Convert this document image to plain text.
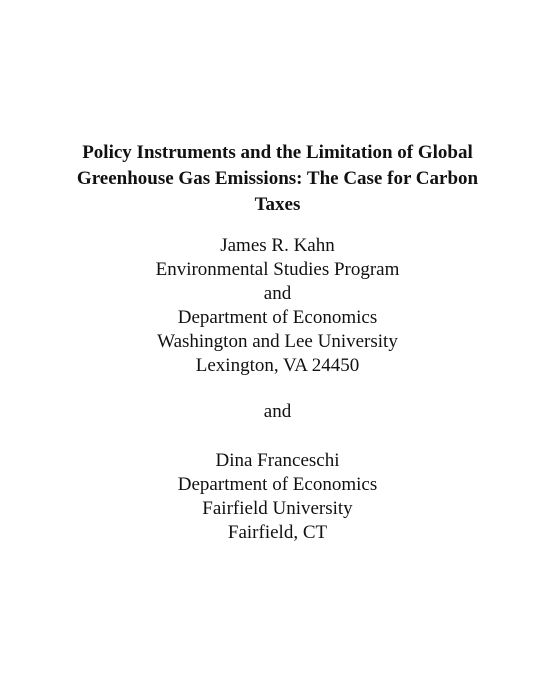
Policy Instruments and the Limitation of Global
Greenhouse Gas Emissions: The Case for Carbon
Taxes
James R. Kahn
Environmental Studies Program
and
Department of Economics
Washington and Lee University
Lexington, VA 24450
and
Dina Franceschi
Department of Economics
Fairfield University
Fairfield, CT
